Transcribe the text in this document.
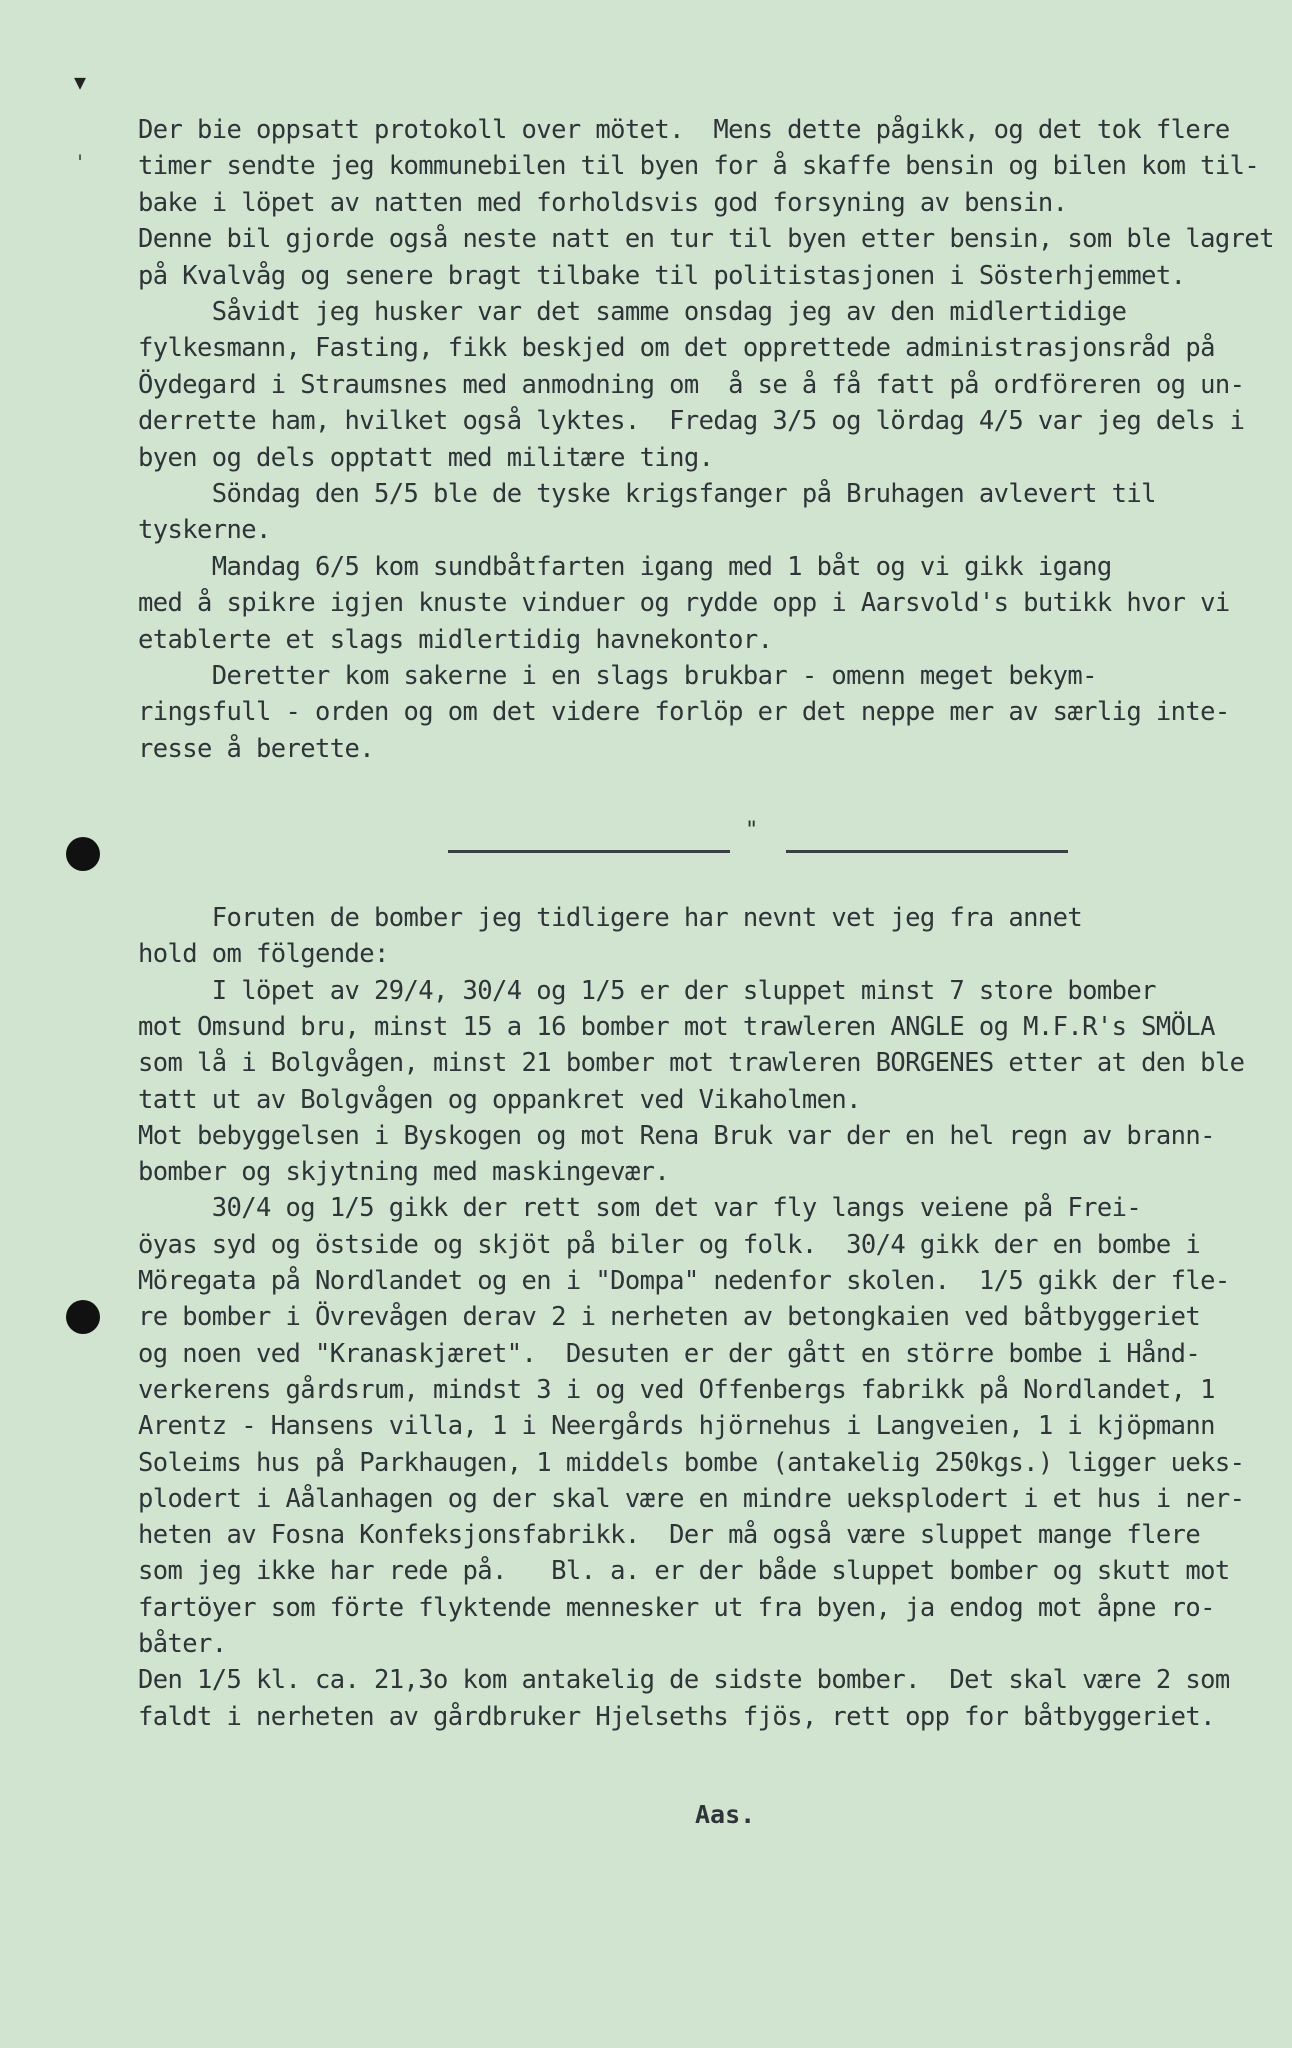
▼
ˌ
Der bie oppsatt protokoll over mötet.  Mens dette pågikk, og det tok flere
timer sendte jeg kommunebilen til byen for å skaffe bensin og bilen kom til-
bake i löpet av natten med forholdsvis god forsyning av bensin.
Denne bil gjorde også neste natt en tur til byen etter bensin, som ble lagret
på Kvalvåg og senere bragt tilbake til politistasjonen i Sösterhjemmet.
Såvidt jeg husker var det samme onsdag jeg av den midlertidige
fylkesmann, Fasting, fikk beskjed om det opprettede administrasjonsråd på
Öydegard i Straumsnes med anmodning om  å se å få fatt på ordföreren og un-
derrette ham, hvilket også lyktes.  Fredag 3/5 og lördag 4/5 var jeg dels i
byen og dels opptatt med militære ting.
Söndag den 5/5 ble de tyske krigsfanger på Bruhagen avlevert til
tyskerne.
Mandag 6/5 kom sundbåtfarten igang med 1 båt og vi gikk igang
med å spikre igjen knuste vinduer og rydde opp i Aarsvold's butikk hvor vi
etablerte et slags midlertidig havnekontor.
Deretter kom sakerne i en slags brukbar - omenn meget bekym-
ringsfull - orden og om det videre forlöp er det neppe mer av særlig inte-
resse å berette.
"
Foruten de bomber jeg tidligere har nevnt vet jeg fra annet
hold om fölgende:
I löpet av 29/4, 30/4 og 1/5 er der sluppet minst 7 store bomber
mot Omsund bru, minst 15 a 16 bomber mot trawleren ANGLE og M.F.R's SMÖLA
som lå i Bolgvågen, minst 21 bomber mot trawleren BORGENES etter at den ble
tatt ut av Bolgvågen og oppankret ved Vikaholmen.
Mot bebyggelsen i Byskogen og mot Rena Bruk var der en hel regn av brann-
bomber og skjytning med maskingevær.
30/4 og 1/5 gikk der rett som det var fly langs veiene på Frei-
öyas syd og östside og skjöt på biler og folk.  30/4 gikk der en bombe i
Möregata på Nordlandet og en i "Dompa" nedenfor skolen.  1/5 gikk der fle-
re bomber i Övrevågen derav 2 i nerheten av betongkaien ved båtbyggeriet
og noen ved "Kranaskjæret".  Desuten er der gått en större bombe i Hånd-
verkerens gårdsrum, mindst 3 i og ved Offenbergs fabrikk på Nordlandet, 1
Arentz - Hansens villa, 1 i Neergårds hjörnehus i Langveien, 1 i kjöpmann
Soleims hus på Parkhaugen, 1 middels bombe (antakelig 250kgs.) ligger ueks-
plodert i Aålanhagen og der skal være en mindre ueksplodert i et hus i ner-
heten av Fosna Konfeksjonsfabrikk.  Der må også være sluppet mange flere
som jeg ikke har rede på.   Bl. a. er der både sluppet bomber og skutt mot
fartöyer som förte flyktende mennesker ut fra byen, ja endog mot åpne ro-
båter.
Den 1/5 kl. ca. 21,3o kom antakelig de sidste bomber.  Det skal være 2 som
faldt i nerheten av gårdbruker Hjelseths fjös, rett opp for båtbyggeriet.
Aas.
